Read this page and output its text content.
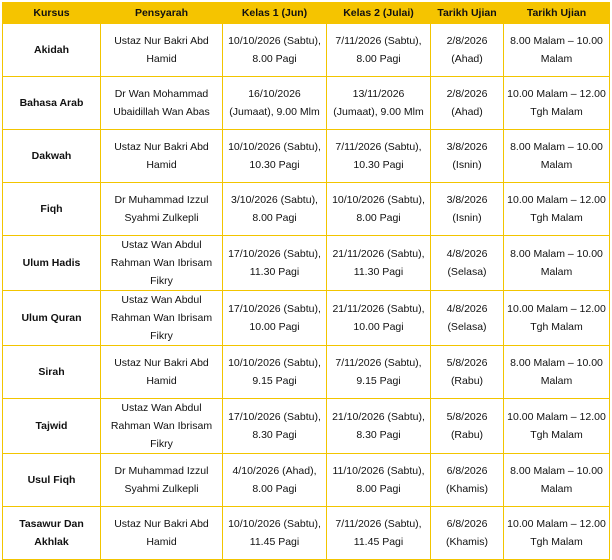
Kursus	Pensyarah	Kelas 1 (Jun)	Kelas 2 (Julai)	Tarikh Ujian	Tarikh Ujian
Akidah	Ustaz Nur Bakri Abd Hamid	10/10/2026 (Sabtu), 8.00 Pagi	7/11/2026 (Sabtu), 8.00 Pagi	2/8/2026 (Ahad)	8.00 Malam – 10.00 Malam
Bahasa Arab	Dr Wan Mohammad Ubaidillah Wan Abas	16/10/2026 (Jumaat), 9.00 Mlm	13/11/2026 (Jumaat), 9.00 Mlm	2/8/2026 (Ahad)	10.00 Malam – 12.00 Tgh Malam
Dakwah	Ustaz Nur Bakri Abd Hamid	10/10/2026 (Sabtu), 10.30 Pagi	7/11/2026 (Sabtu), 10.30 Pagi	3/8/2026 (Isnin)	8.00 Malam – 10.00 Malam
Fiqh	Dr Muhammad Izzul Syahmi Zulkepli	3/10/2026 (Sabtu), 8.00 Pagi	10/10/2026 (Sabtu), 8.00 Pagi	3/8/2026 (Isnin)	10.00 Malam – 12.00 Tgh Malam
Ulum Hadis	Ustaz Wan Abdul Rahman Wan Ibrisam Fikry	17/10/2026 (Sabtu), 11.30 Pagi	21/11/2026 (Sabtu), 11.30 Pagi	4/8/2026 (Selasa)	8.00 Malam – 10.00 Malam
Ulum Quran	Ustaz Wan Abdul Rahman Wan Ibrisam Fikry	17/10/2026 (Sabtu), 10.00 Pagi	21/11/2026 (Sabtu), 10.00 Pagi	4/8/2026 (Selasa)	10.00 Malam – 12.00 Tgh Malam
Sirah	Ustaz Nur Bakri Abd Hamid	10/10/2026 (Sabtu), 9.15 Pagi	7/11/2026 (Sabtu), 9.15 Pagi	5/8/2026 (Rabu)	8.00 Malam – 10.00 Malam
Tajwid	Ustaz Wan Abdul Rahman Wan Ibrisam Fikry	17/10/2026 (Sabtu), 8.30 Pagi	21/10/2026 (Sabtu), 8.30 Pagi	5/8/2026 (Rabu)	10.00 Malam – 12.00 Tgh Malam
Usul Fiqh	Dr Muhammad Izzul Syahmi Zulkepli	4/10/2026 (Ahad), 8.00 Pagi	11/10/2026 (Sabtu), 8.00 Pagi	6/8/2026 (Khamis)	8.00 Malam – 10.00 Malam
Tasawur Dan Akhlak	Ustaz Nur Bakri Abd Hamid	10/10/2026 (Sabtu), 11.45 Pagi	7/11/2026 (Sabtu), 11.45 Pagi	6/8/2026 (Khamis)	10.00 Malam – 12.00 Tgh Malam
